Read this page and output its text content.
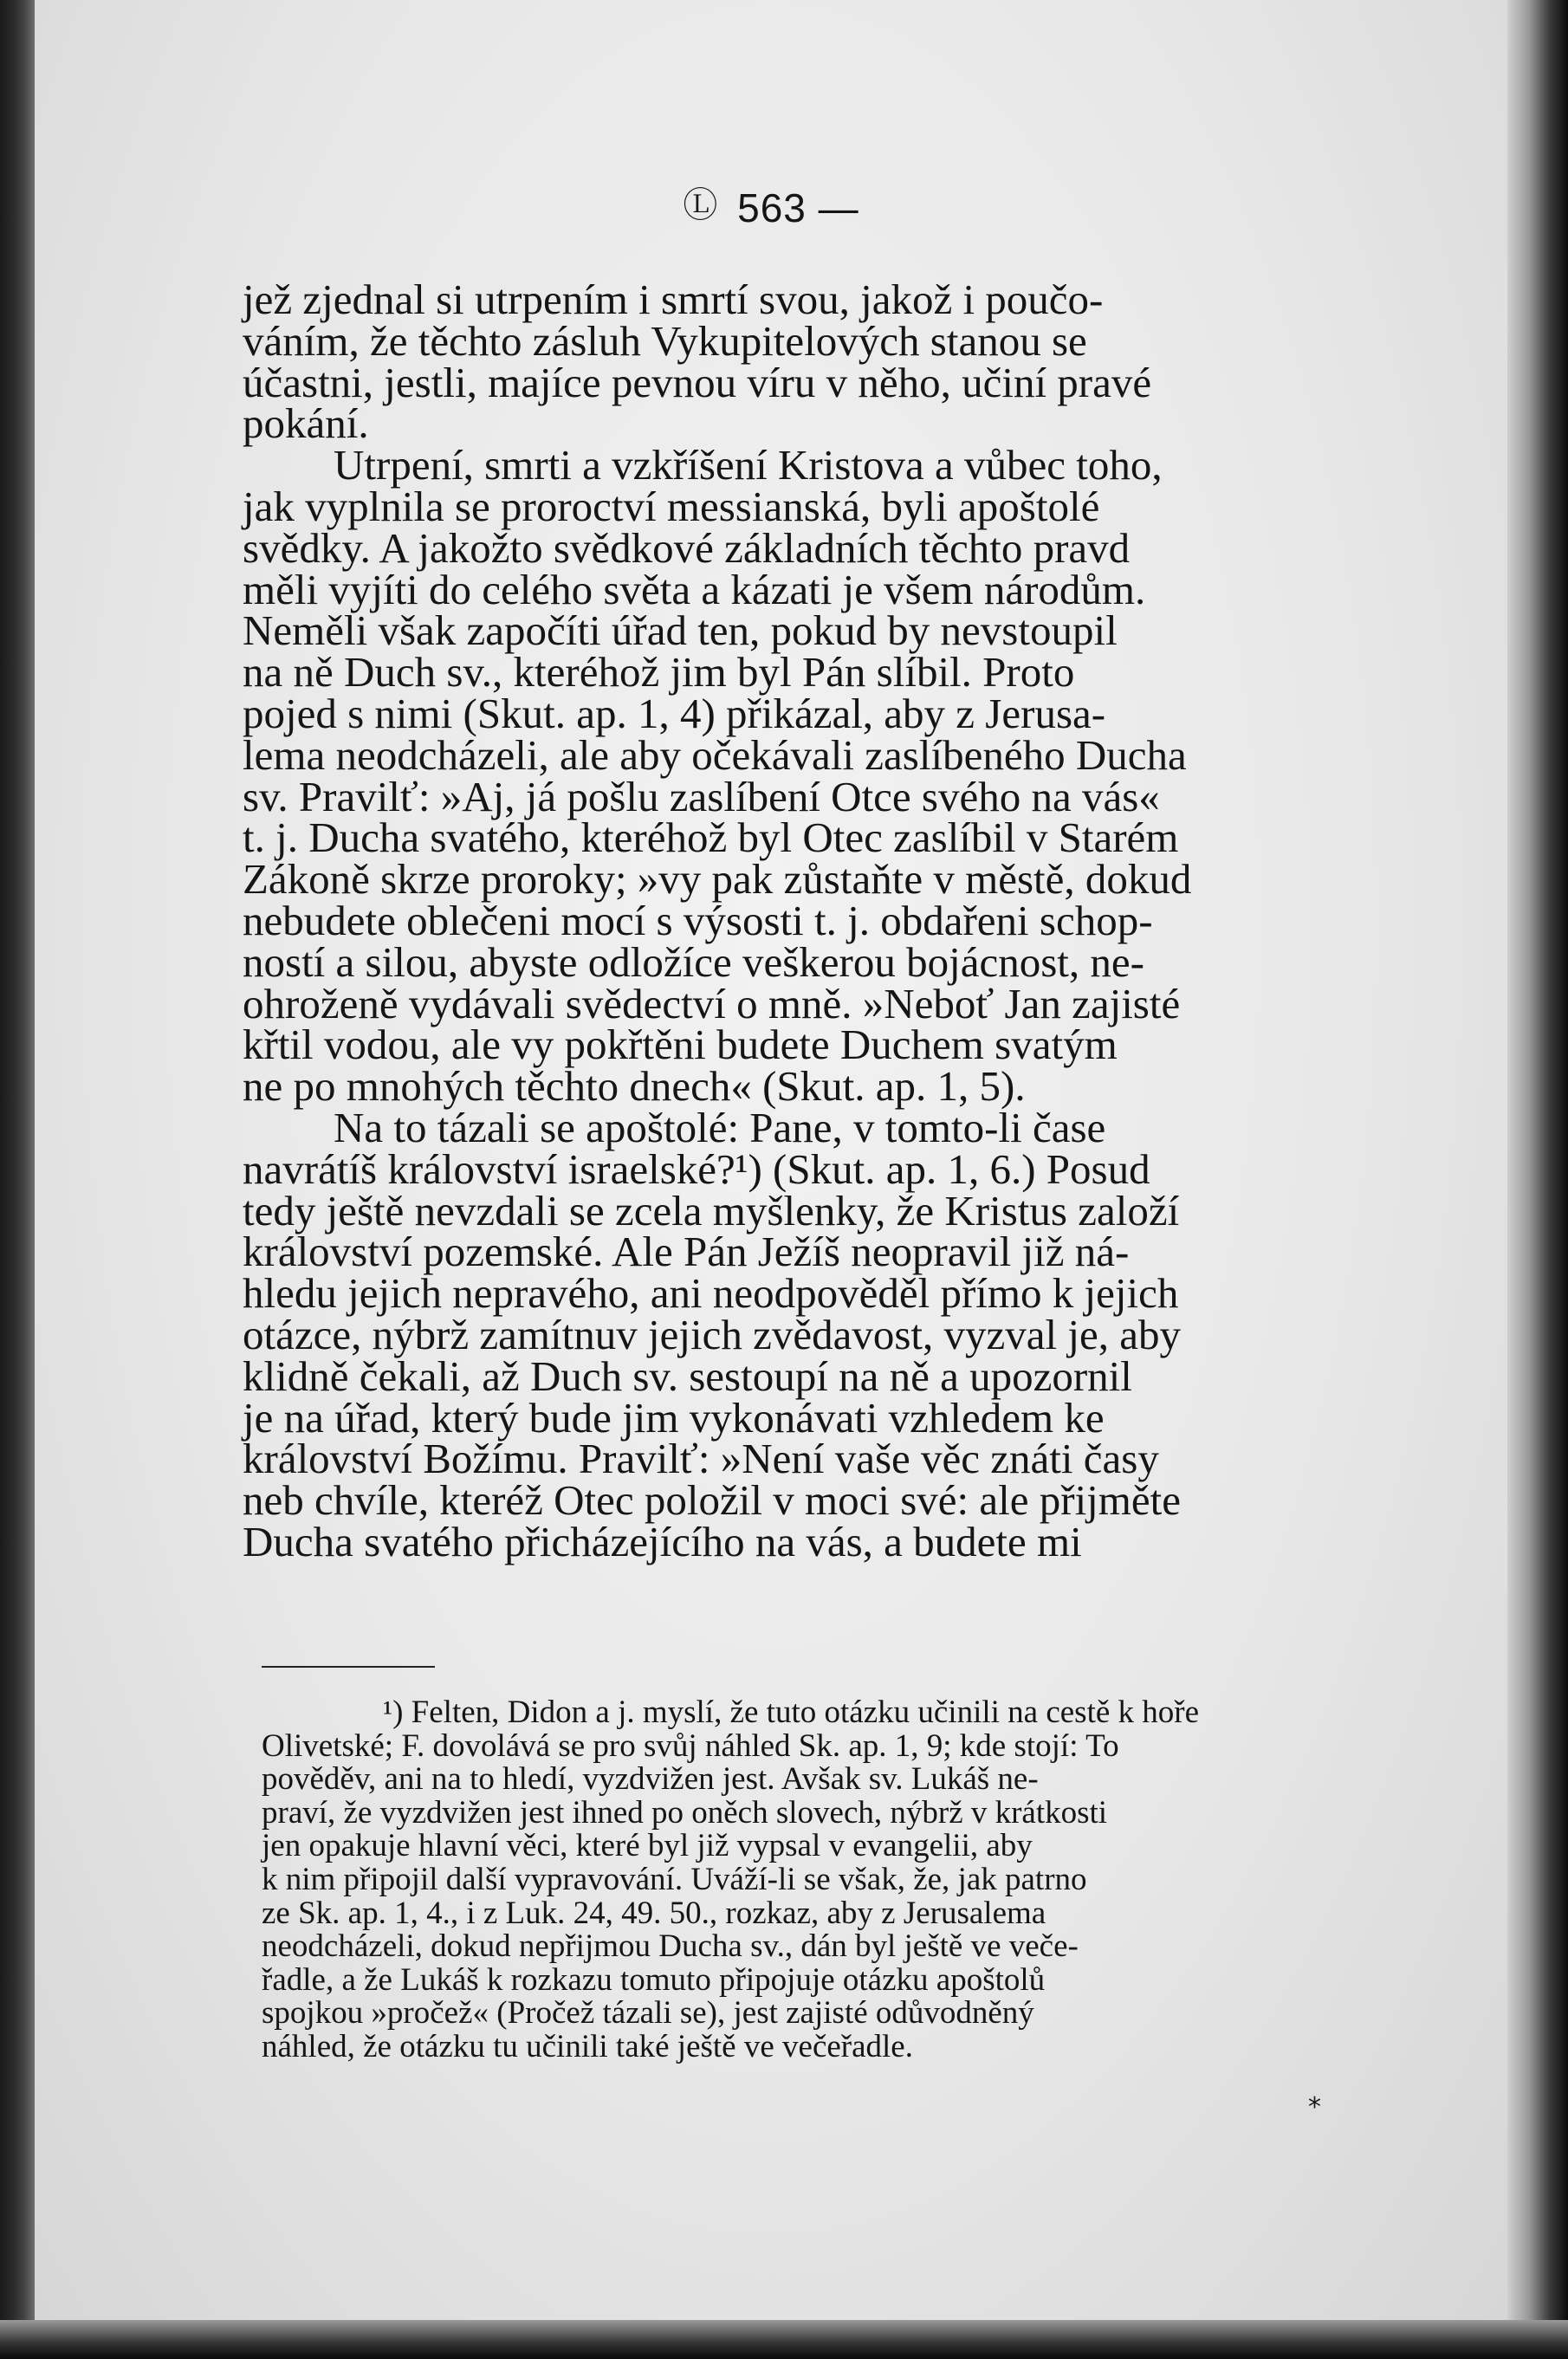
Ⓛ 563 —
jež zjednal si utrpením i smrtí svou, jakož i poučo-
váním, že těchto zásluh Vykupitelových stanou se
účastni, jestli, majíce pevnou víru v něho, učiní pravé
pokání.
Utrpení, smrti a vzkříšení Kristova a vůbec toho,
jak vyplnila se proroctví messianská, byli apoštolé
svědky. A jakožto svědkové základních těchto pravd
měli vyjíti do celého světa a kázati je všem národům.
Neměli však započíti úřad ten, pokud by nevstoupil
na ně Duch sv., kteréhož jim byl Pán slíbil. Proto
pojed s nimi (Skut. ap. 1, 4) přikázal, aby z Jerusa-
lema neodcházeli, ale aby očekávali zaslíbeného Ducha
sv. Pravilť: »Aj, já pošlu zaslíbení Otce svého na vás«
t. j. Ducha svatého, kteréhož byl Otec zaslíbil v Starém
Zákoně skrze proroky; »vy pak zůstaňte v městě, dokud
nebudete oblečeni mocí s výsosti t. j. obdařeni schop-
ností a silou, abyste odložíce veškerou bojácnost, ne-
ohroženě vydávali svědectví o mně. »Neboť Jan zajisté
křtil vodou, ale vy pokřtěni budete Duchem svatým
ne po mnohých těchto dnech« (Skut. ap. 1, 5).
Na to tázali se apoštolé: Pane, v tomto-li čase
navrátíš království israelské?¹) (Skut. ap. 1, 6.) Posud
tedy ještě nevzdali se zcela myšlenky, že Kristus založí
království pozemské. Ale Pán Ježíš neopravil již ná-
hledu jejich nepravého, ani neodpověděl přímo k jejich
otázce, nýbrž zamítnuv jejich zvědavost, vyzval je, aby
klidně čekali, až Duch sv. sestoupí na ně a upozornil
je na úřad, který bude jim vykonávati vzhledem ke
království Božímu. Pravilť: »Není vaše věc znáti časy
neb chvíle, kteréž Otec položil v moci své: ale přijměte
Ducha svatého přicházejícího na vás, a budete mi
¹) Felten, Didon a j. myslí, že tuto otázku učinili na cestě k hoře
Olivetské; F. dovolává se pro svůj náhled Sk. ap. 1, 9; kde stojí: To
pověděv, ani na to hledí, vyzdvižen jest. Avšak sv. Lukáš ne-
praví, že vyzdvižen jest ihned po oněch slovech, nýbrž v krátkosti
jen opakuje hlavní věci, které byl již vypsal v evangelii, aby
k nim připojil další vypravování. Uváží-li se však, že, jak patrno
ze Sk. ap. 1, 4., i z Luk. 24, 49. 50., rozkaz, aby z Jerusalema
neodcházeli, dokud nepřijmou Ducha sv., dán byl ještě ve veče-
řadle, a že Lukáš k rozkazu tomuto připojuje otázku apoštolů
spojkou »pročež« (Pročež tázali se), jest zajisté odůvodněný
náhled, že otázku tu učinili také ještě ve večeřadle.
*
